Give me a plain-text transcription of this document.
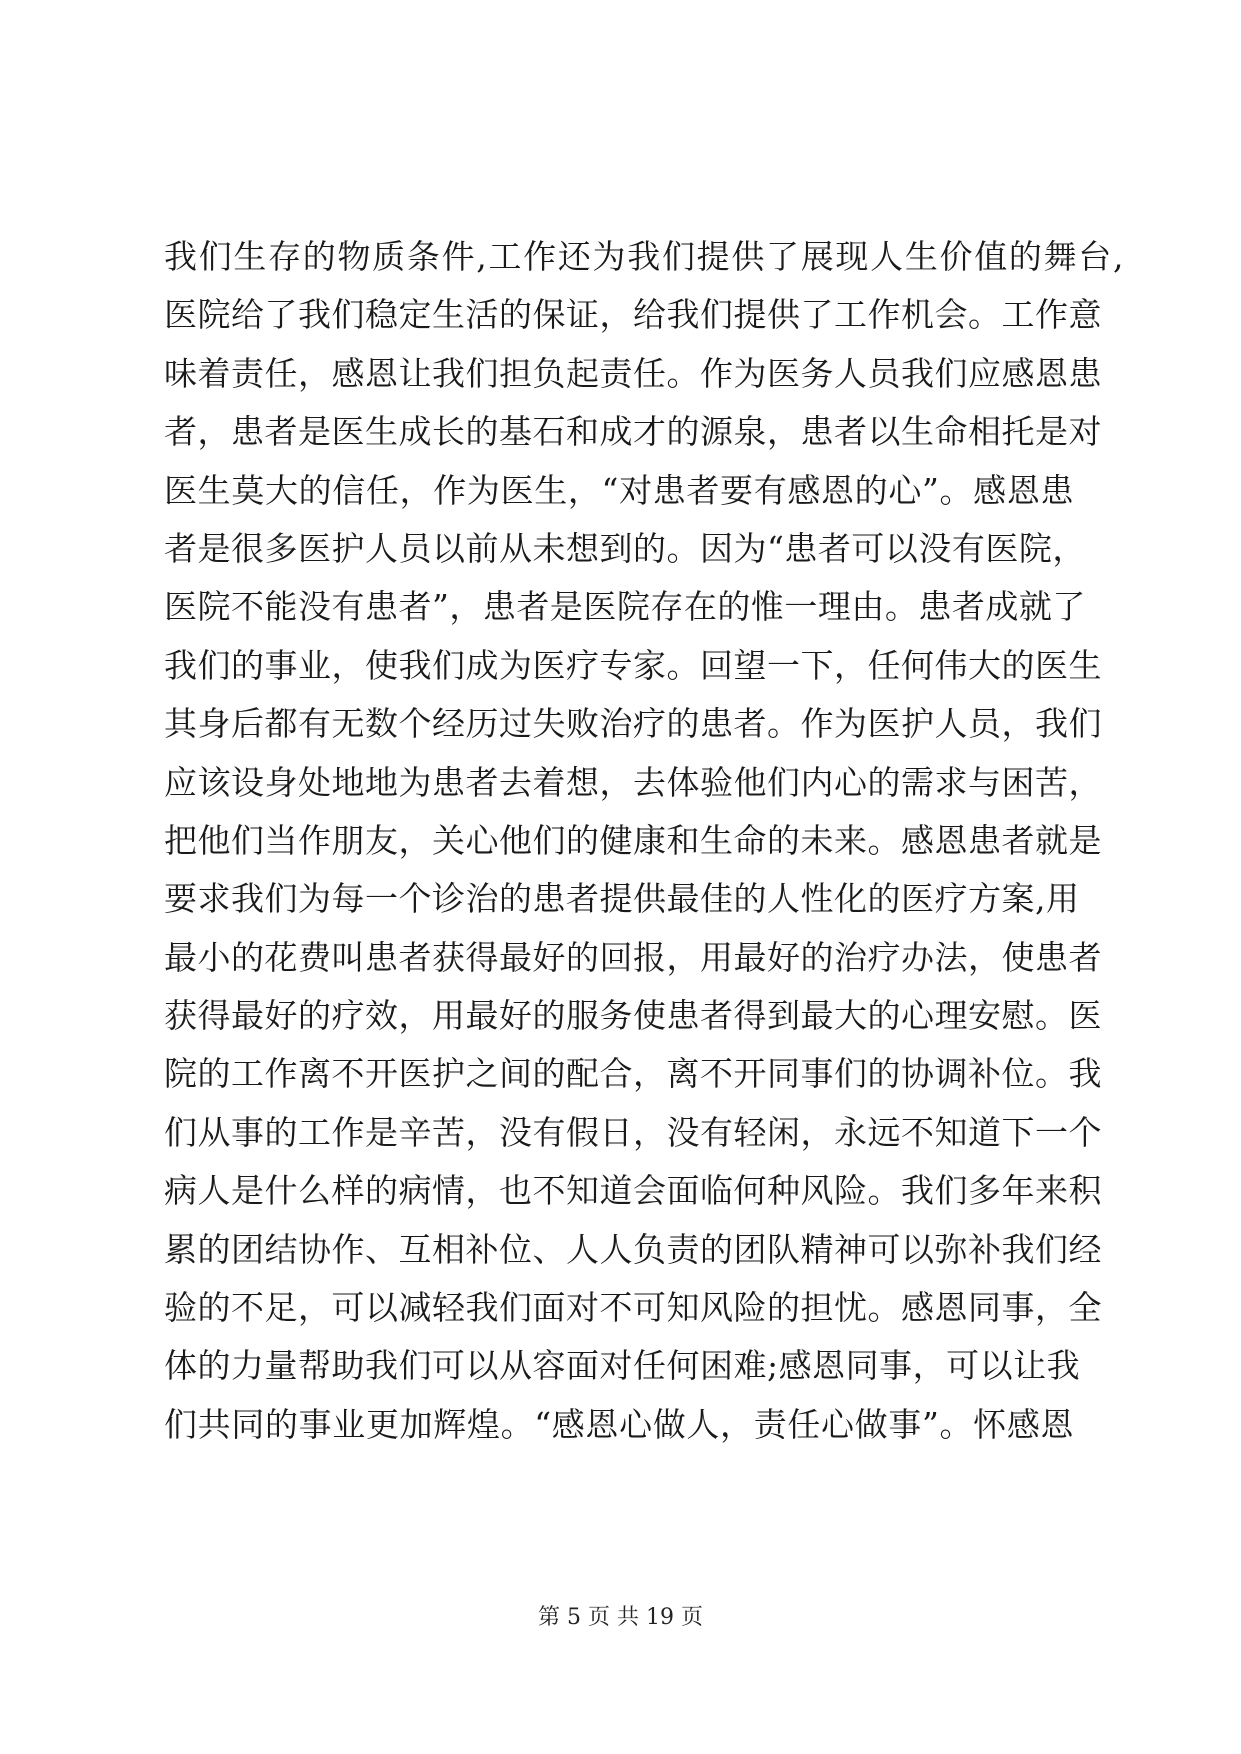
我们生存的物质条件,工作还为我们提供了展现人生价值的舞台,
医院给了我们稳定生活的保证，给我们提供了工作机会。工作意
味着责任，感恩让我们担负起责任。作为医务人员我们应感恩患
者，患者是医生成长的基石和成才的源泉，患者以生命相托是对
医生莫大的信任，作为医生，“对患者要有感恩的心”。感恩患
者是很多医护人员以前从未想到的。因为“患者可以没有医院，
医院不能没有患者”，患者是医院存在的惟一理由。患者成就了
我们的事业，使我们成为医疗专家。回望一下，任何伟大的医生
其身后都有无数个经历过失败治疗的患者。作为医护人员，我们
应该设身处地地为患者去着想，去体验他们内心的需求与困苦，
把他们当作朋友，关心他们的健康和生命的未来。感恩患者就是
要求我们为每一个诊治的患者提供最佳的人性化的医疗方案,用
最小的花费叫患者获得最好的回报，用最好的治疗办法，使患者
获得最好的疗效，用最好的服务使患者得到最大的心理安慰。医
院的工作离不开医护之间的配合，离不开同事们的协调补位。我
们从事的工作是辛苦，没有假日，没有轻闲，永远不知道下一个
病人是什么样的病情，也不知道会面临何种风险。我们多年来积
累的团结协作、互相补位、人人负责的团队精神可以弥补我们经
验的不足，可以减轻我们面对不可知风险的担忧。感恩同事，全
体的力量帮助我们可以从容面对任何困难;感恩同事，可以让我
们共同的事业更加辉煌。“感恩心做人，责任心做事”。怀感恩
第 5 页 共 19 页
